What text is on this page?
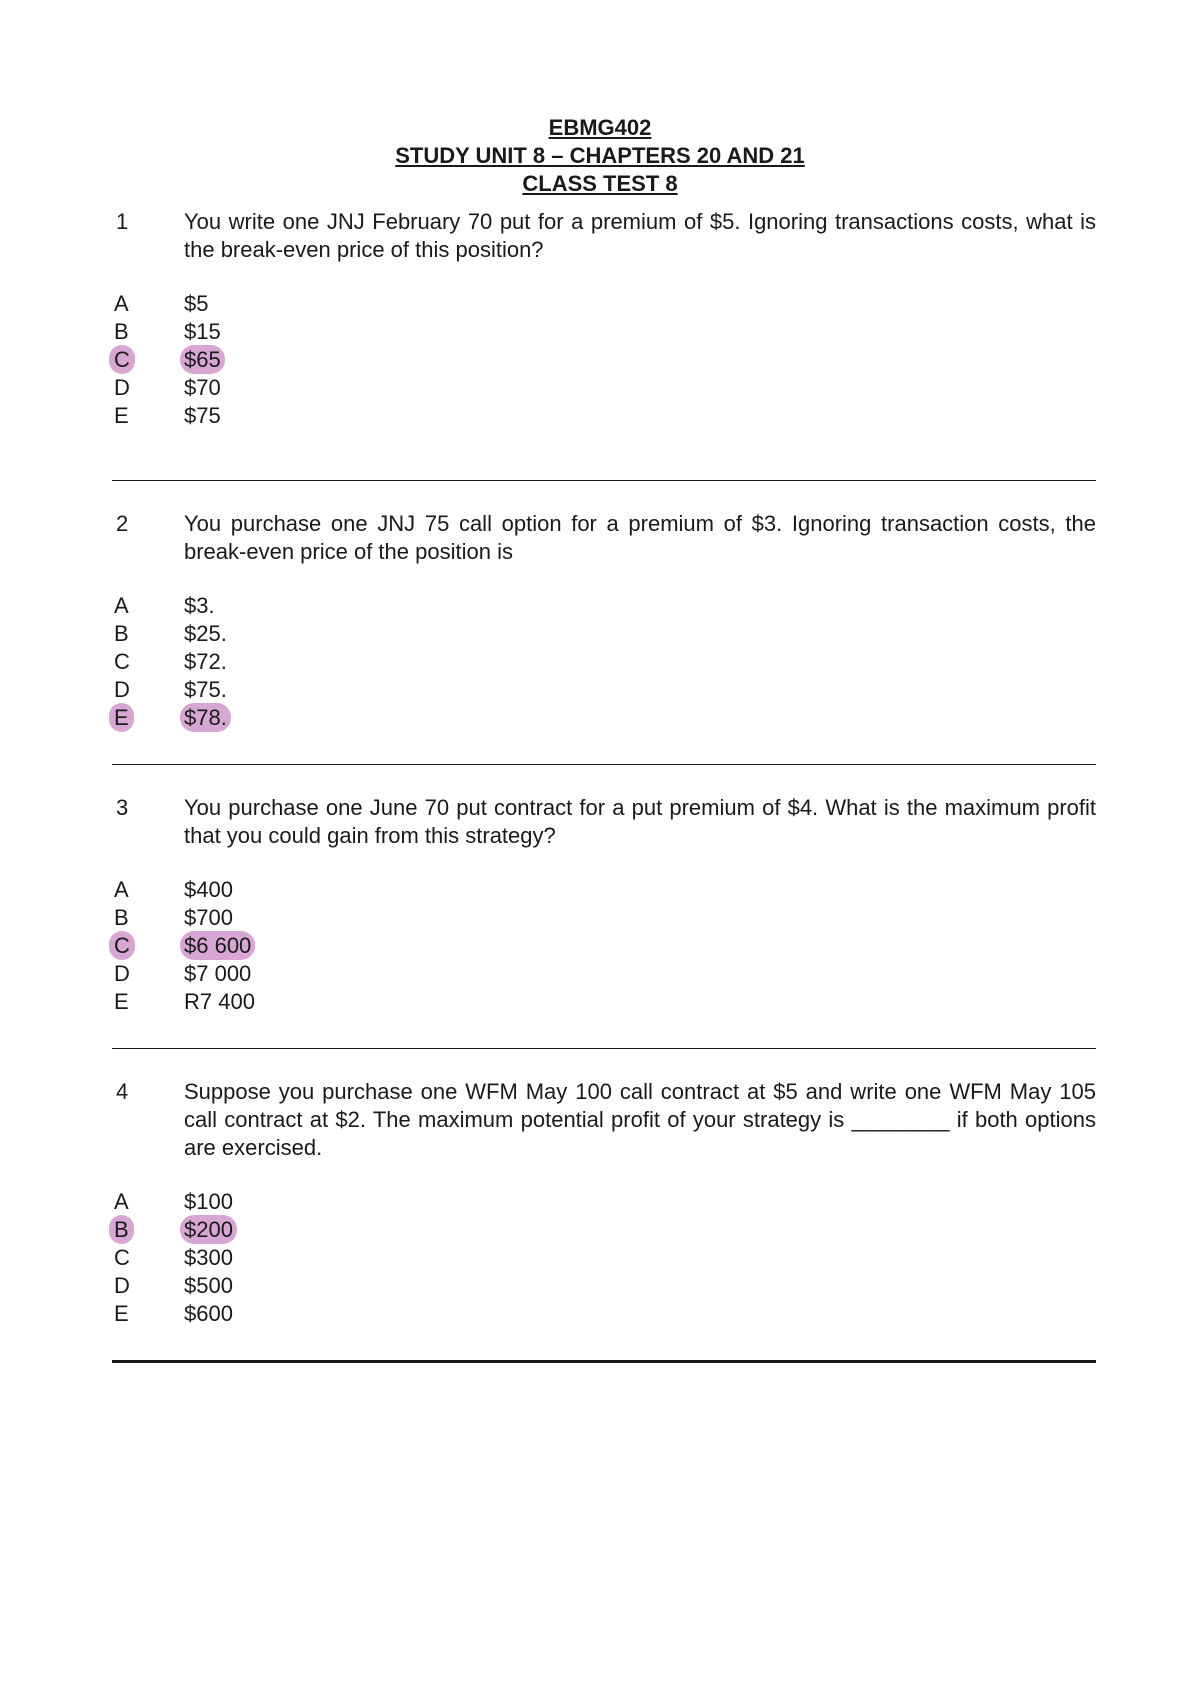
EBMG402
STUDY UNIT 8 – CHAPTERS 20 AND 21
CLASS TEST 8
1	You write one JNJ February 70 put for a premium of $5. Ignoring transactions costs, what is the break-even price of this position?
A	$5
B	$15
C	$65
D	$70
E	$75
2	You purchase one JNJ 75 call option for a premium of $3. Ignoring transaction costs, the break-even price of the position is
A	$3.
B	$25.
C	$72.
D	$75.
E	$78.
3	You purchase one June 70 put contract for a put premium of $4. What is the maximum profit that you could gain from this strategy?
A	$400
B	$700
C	$6 600
D	$7 000
E	R7 400
4	Suppose you purchase one WFM May 100 call contract at $5 and write one WFM May 105 call contract at $2. The maximum potential profit of your strategy is ________ if both options are exercised.
A	$100
B	$200
C	$300
D	$500
E	$600
